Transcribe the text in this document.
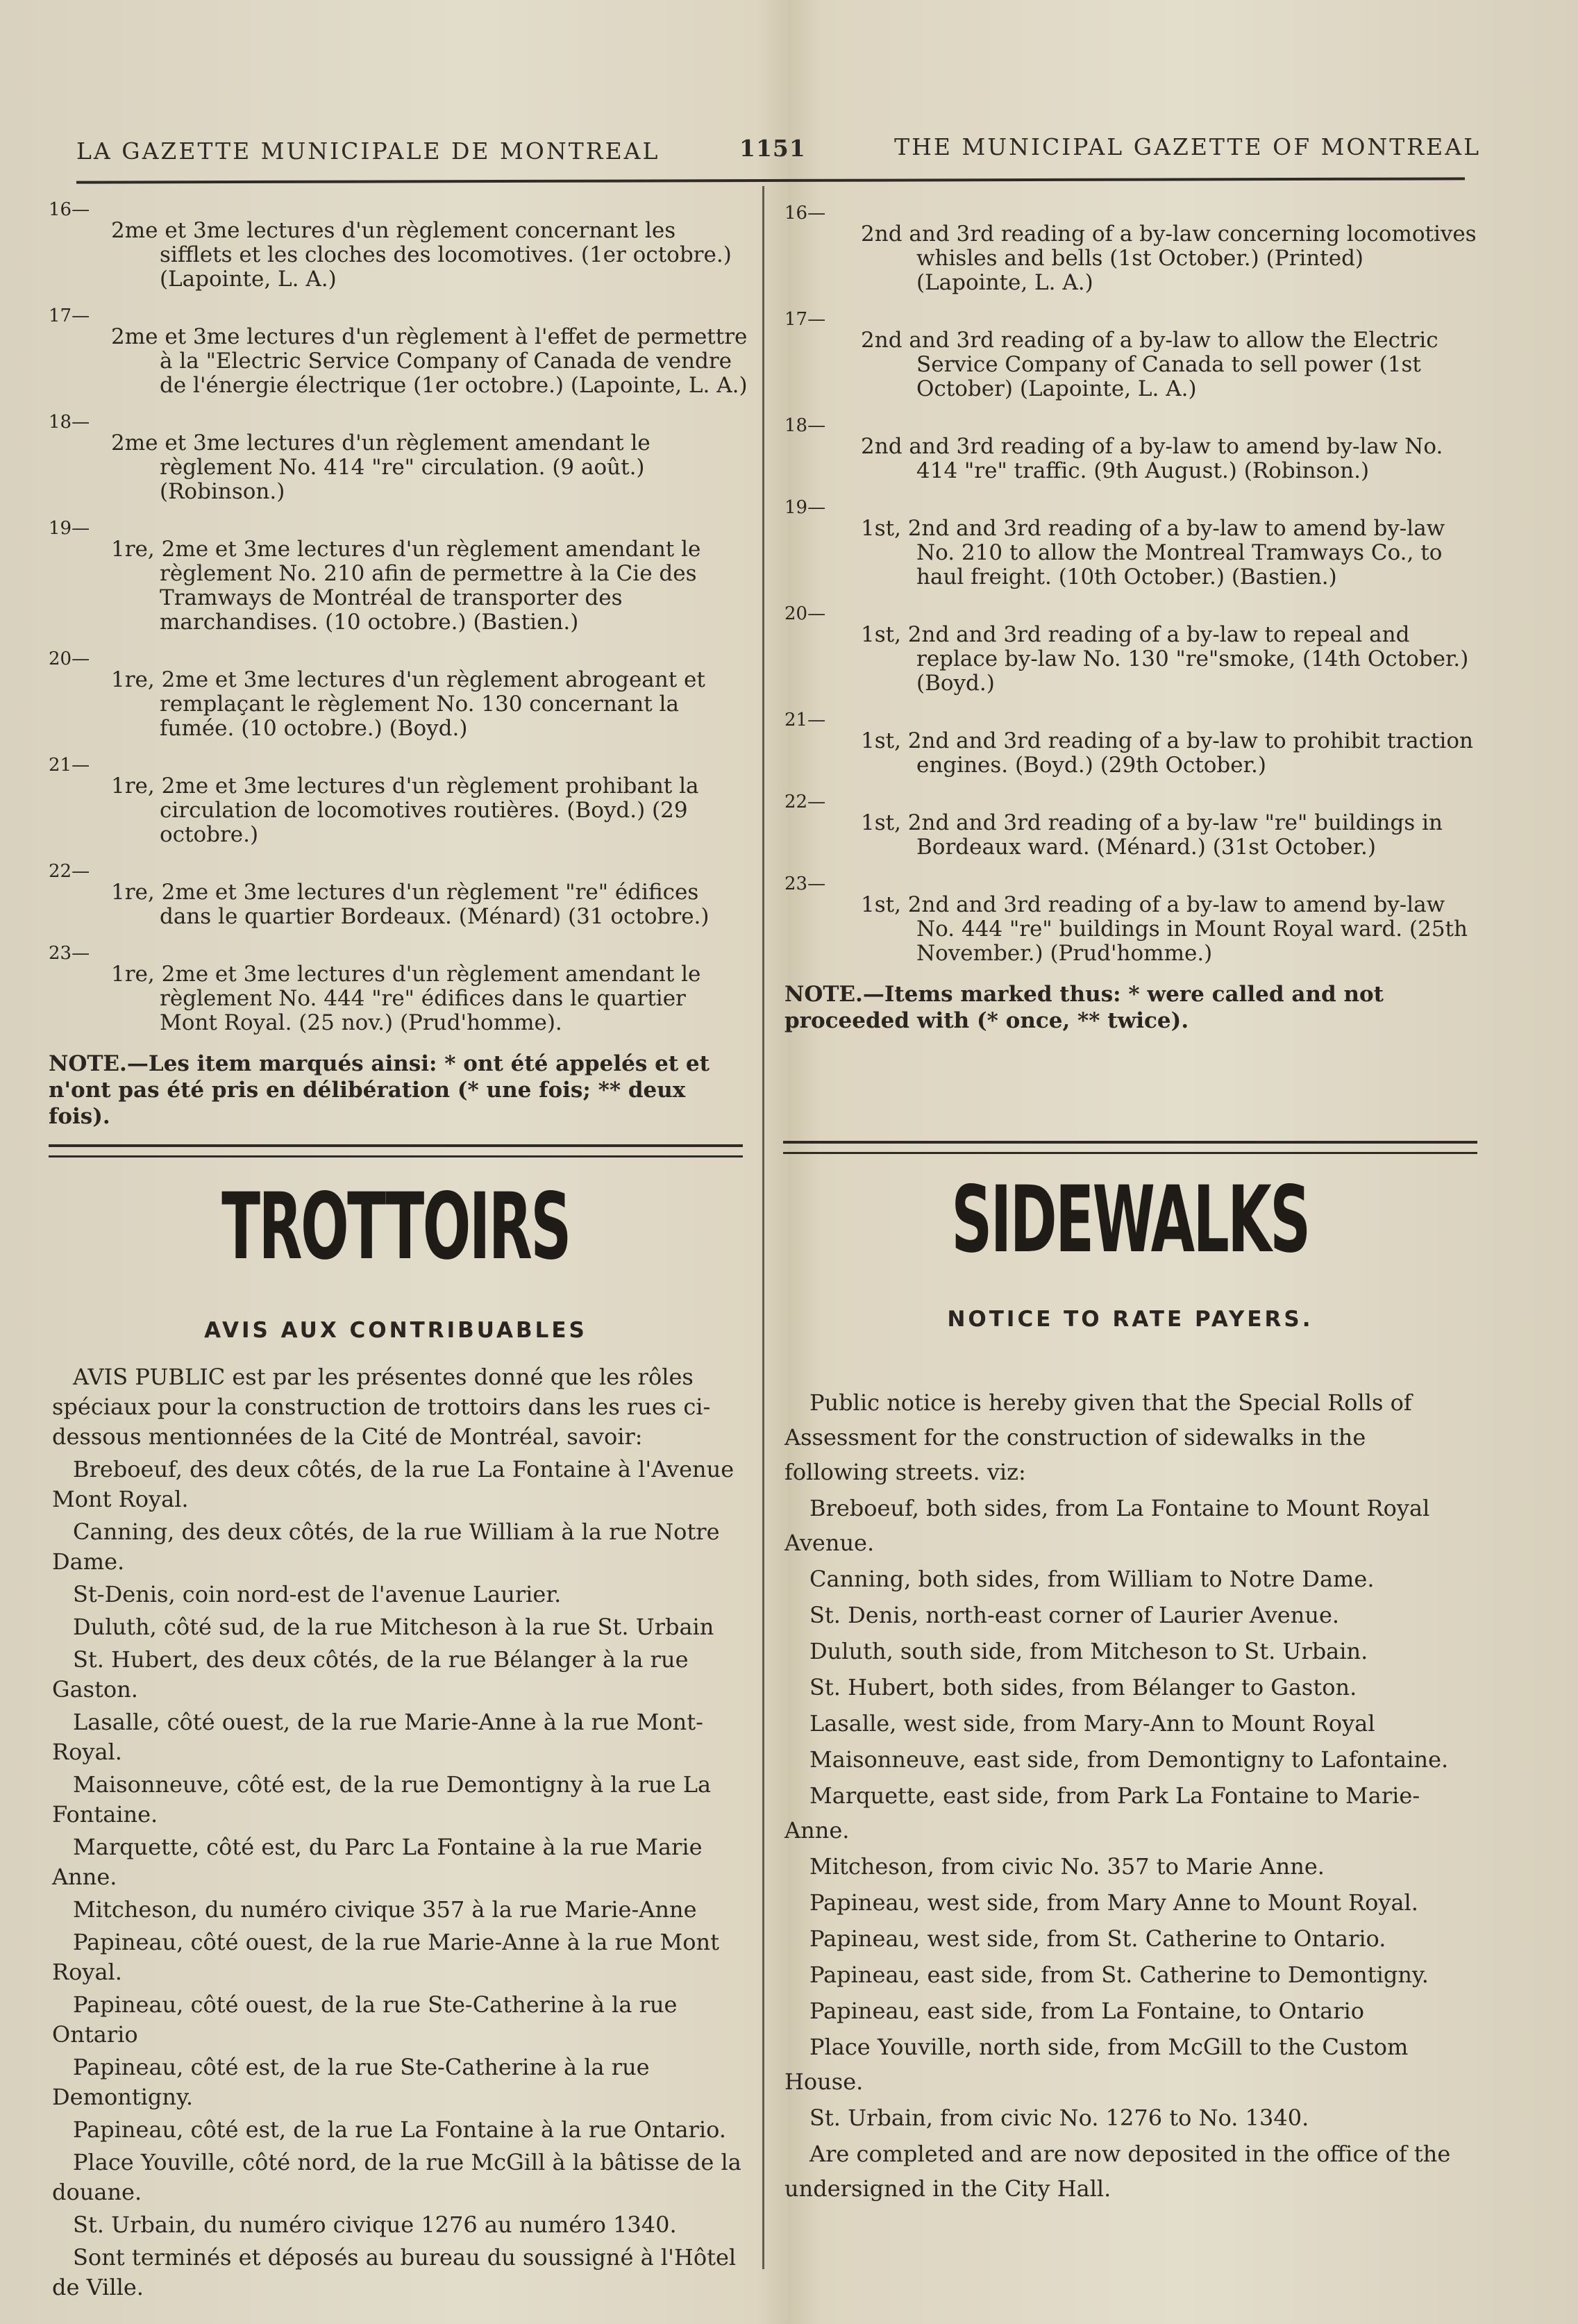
LA GAZETTE MUNICIPALE DE MONTREAL	1151	THE MUNICIPAL GAZETTE OF MONTREAL
16—
2me et 3me lectures d'un règlement concernant les sifflets et les cloches des locomotives. (1er octobre.) (Lapointe, L. A.)
17—
2me et 3me lectures d'un règlement à l'effet de permettre à la "Electric Service Company of Canada de vendre de l'énergie électrique (1er octobre.) (Lapointe, L. A.)
18—
2me et 3me lectures d'un règlement amendant le règlement No. 414 "re" circulation. (9 août.) (Robinson.)
19—
1re, 2me et 3me lectures d'un règlement amendant le règlement No. 210 afin de permettre à la Cie des Tramways de Montréal de transporter des marchandises. (10 octobre.) (Bastien.)
20—
1re, 2me et 3me lectures d'un règlement abrogeant et remplaçant le règlement No. 130 concernant la fumée. (10 octobre.) (Boyd.)
21—
1re, 2me et 3me lectures d'un règlement prohibant la circulation de locomotives routières. (Boyd.) (29 octobre.)
22—
1re, 2me et 3me lectures d'un règlement "re" édifices dans le quartier Bordeaux. (Ménard) (31 octobre.)
23—
1re, 2me et 3me lectures d'un règlement amendant le règlement No. 444 "re" édifices dans le quartier Mont Royal. (25 nov.) (Prud'homme).
NOTE.—Les item marqués ainsi: * ont été appelés et et n'ont pas été pris en délibération (* une fois; ** deux fois).
16—
2nd and 3rd reading of a by-law concerning locomotives whisles and bells (1st October.) (Printed) (Lapointe, L. A.)
17—
2nd and 3rd reading of a by-law to allow the Electric Service Company of Canada to sell power (1st October) (Lapointe, L. A.)
18—
2nd and 3rd reading of a by-law to amend by-law No. 414 "re" traffic. (9th August.) (Robinson.)
19—
1st, 2nd and 3rd reading of a by-law to amend by-law No. 210 to allow the Montreal Tramways Co., to haul freight. (10th October.) (Bastien.)
20—
1st, 2nd and 3rd reading of a by-law to repeal and replace by-law No. 130 "re"smoke, (14th October.) (Boyd.)
21—
1st, 2nd and 3rd reading of a by-law to prohibit traction engines. (Boyd.) (29th October.)
22—
1st, 2nd and 3rd reading of a by-law "re" buildings in Bordeaux ward. (Ménard.) (31st October.)
23—
1st, 2nd and 3rd reading of a by-law to amend by-law No. 444 "re" buildings in Mount Royal ward. (25th November.) (Prud'homme.)
NOTE.—Items marked thus: * were called and not proceeded with (* once, ** twice).
TROTTOIRS	SIDEWALKS
AVIS AUX CONTRIBUABLES	NOTICE TO RATE PAYERS.

AVIS PUBLIC est par les présentes donné que les rôles spéciaux pour la construction de trottoirs dans les rues ci-dessous mentionnées de la Cité de Montréal, savoir:

Breboeuf, des deux côtés, de la rue La Fontaine à l'Avenue Mont Royal.

Canning, des deux côtés, de la rue William à la rue Notre Dame.

St-Denis, coin nord-est de l'avenue Laurier.

Duluth, côté sud, de la rue Mitcheson à la rue St. Urbain

St. Hubert, des deux côtés, de la rue Bélanger à la rue Gaston.

Lasalle, côté ouest, de la rue Marie-Anne à la rue Mont-Royal.

Maisonneuve, côté est, de la rue Demontigny à la rue La Fontaine.

Marquette, côté est, du Parc La Fontaine à la rue Marie Anne.

Mitcheson, du numéro civique 357 à la rue Marie-Anne

Papineau, côté ouest, de la rue Marie-Anne à la rue Mont Royal.

Papineau, côté ouest, de la rue Ste-Catherine à la rue Ontario

Papineau, côté est, de la rue Ste-Catherine à la rue Demontigny.

Papineau, côté est, de la rue La Fontaine à la rue Ontario.

Place Youville, côté nord, de la rue McGill à la bâtisse de la douane.

St. Urbain, du numéro civique 1276 au numéro 1340.

Sont terminés et déposés au bureau du soussigné à l'Hôtel de Ville.

Public notice is hereby given that the Special Rolls of Assessment for the construction of sidewalks in the following streets. viz:

Breboeuf, both sides, from La Fontaine to Mount Royal Avenue.

Canning, both sides, from William to Notre Dame.

St. Denis, north-east corner of Laurier Avenue.

Duluth, south side, from Mitcheson to St. Urbain.

St. Hubert, both sides, from Bélanger to Gaston.

Lasalle, west side, from Mary-Ann to Mount Royal

Maisonneuve, east side, from Demontigny to Lafontaine.

Marquette, east side, from Park La Fontaine to Marie-Anne.

Mitcheson, from civic No. 357 to Marie Anne.

Papineau, west side, from Mary Anne to Mount Royal.

Papineau, west side, from St. Catherine to Ontario.

Papineau, east side, from St. Catherine to Demontigny.

Papineau, east side, from La Fontaine, to Ontario

Place Youville, north side, from McGill to the Custom House.

St. Urbain, from civic No. 1276 to No. 1340.

Are completed and are now deposited in the office of the undersigned in the City Hall.
